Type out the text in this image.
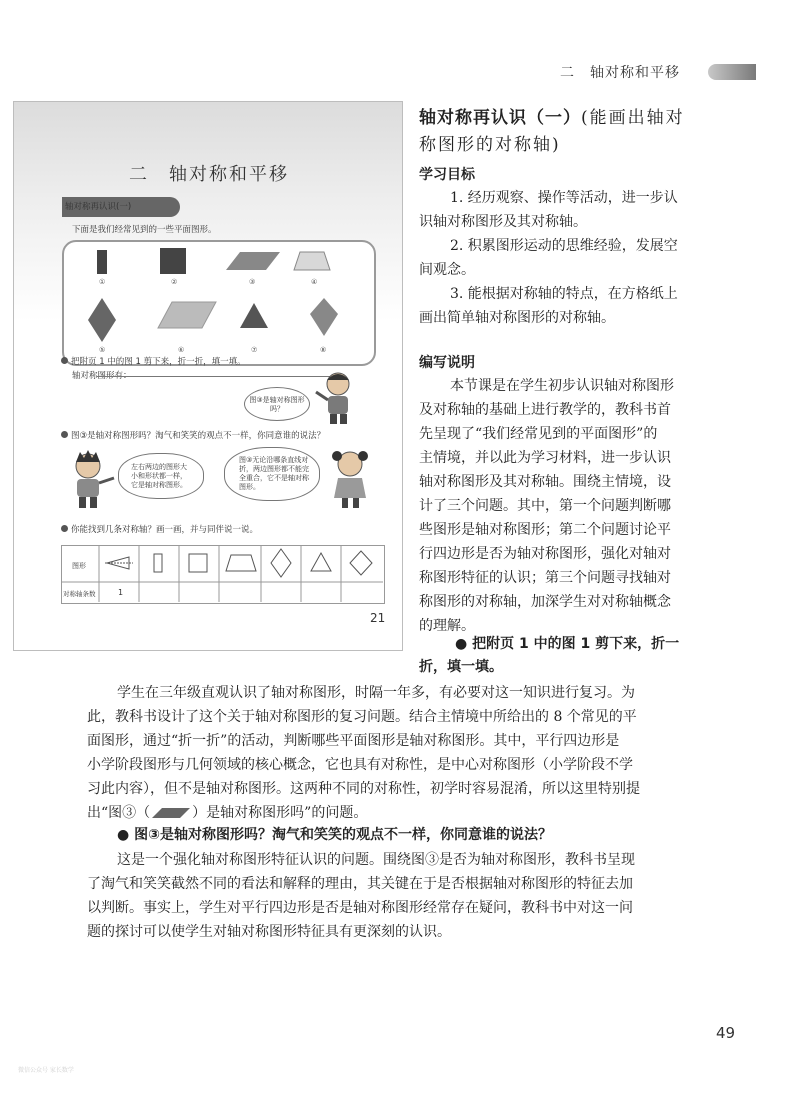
二　轴对称和平移
二　轴对称和平移
轴对称再认识(一)
下面是我们经常见到的一些平面图形。
①	②	③	④
⑤	⑥	⑦	⑧
把附页 1 中的图 1 剪下来，折一折，填一填。
轴对称图形有：
图③是轴对称图形吗？
图③是轴对称图形吗？淘气和笑笑的观点不一样，你同意谁的说法？
左右两边的图形大小和形状都一样，它是轴对称图形。
图③无论沿哪条直线对折，两边图形都不能完全重合，它不是轴对称图形。
你能找到几条对称轴？画一画，并与同伴说一说。
图形
对称轴条数	1
21
轴对称再认识（一）(能画出轴对
称图形的对称轴)
学习目标
1. 经历观察、操作等活动，进一步认
识轴对称图形及其对称轴。
2. 积累图形运动的思维经验，发展空
间观念。
3. 能根据对称轴的特点，在方格纸上
画出简单轴对称图形的对称轴。
编写说明
本节课是在学生初步认识轴对称图形
及对称轴的基础上进行教学的，教科书首
先呈现了“我们经常见到的平面图形”的
主情境，并以此为学习材料，进一步认识
轴对称图形及其对称轴。围绕主情境，设
计了三个问题。其中，第一个问题判断哪
些图形是轴对称图形；第二个问题讨论平
行四边形是否为轴对称图形，强化对轴对
称图形特征的认识；第三个问题寻找轴对
称图形的对称轴，加深学生对对称轴概念
的理解。
● 把附页 1 中的图 1 剪下来，折一
折，填一填。
学生在三年级直观认识了轴对称图形，时隔一年多，有必要对这一知识进行复习。为
此，教科书设计了这个关于轴对称图形的复习问题。结合主情境中所给出的 8 个常见的平
面图形，通过“折一折”的活动，判断哪些平面图形是轴对称图形。其中，平行四边形是
小学阶段图形与几何领域的核心概念，它也具有对称性，是中心对称图形（小学阶段不学
习此内容），但不是轴对称图形。这两种不同的对称性，初学时容易混淆，所以这里特别提
出“图③（	）是轴对称图形吗”的问题。
● 图③是轴对称图形吗？淘气和笑笑的观点不一样，你同意谁的说法？
这是一个强化轴对称图形特征认识的问题。围绕图③是否为轴对称图形，教科书呈现
了淘气和笑笑截然不同的看法和解释的理由，其关键在于是否根据轴对称图形的特征去加
以判断。事实上，学生对平行四边形是否是轴对称图形经常存在疑问，教科书中对这一问
题的探讨可以使学生对轴对称图形特征具有更深刻的认识。
49
微信公众号 家长数学
